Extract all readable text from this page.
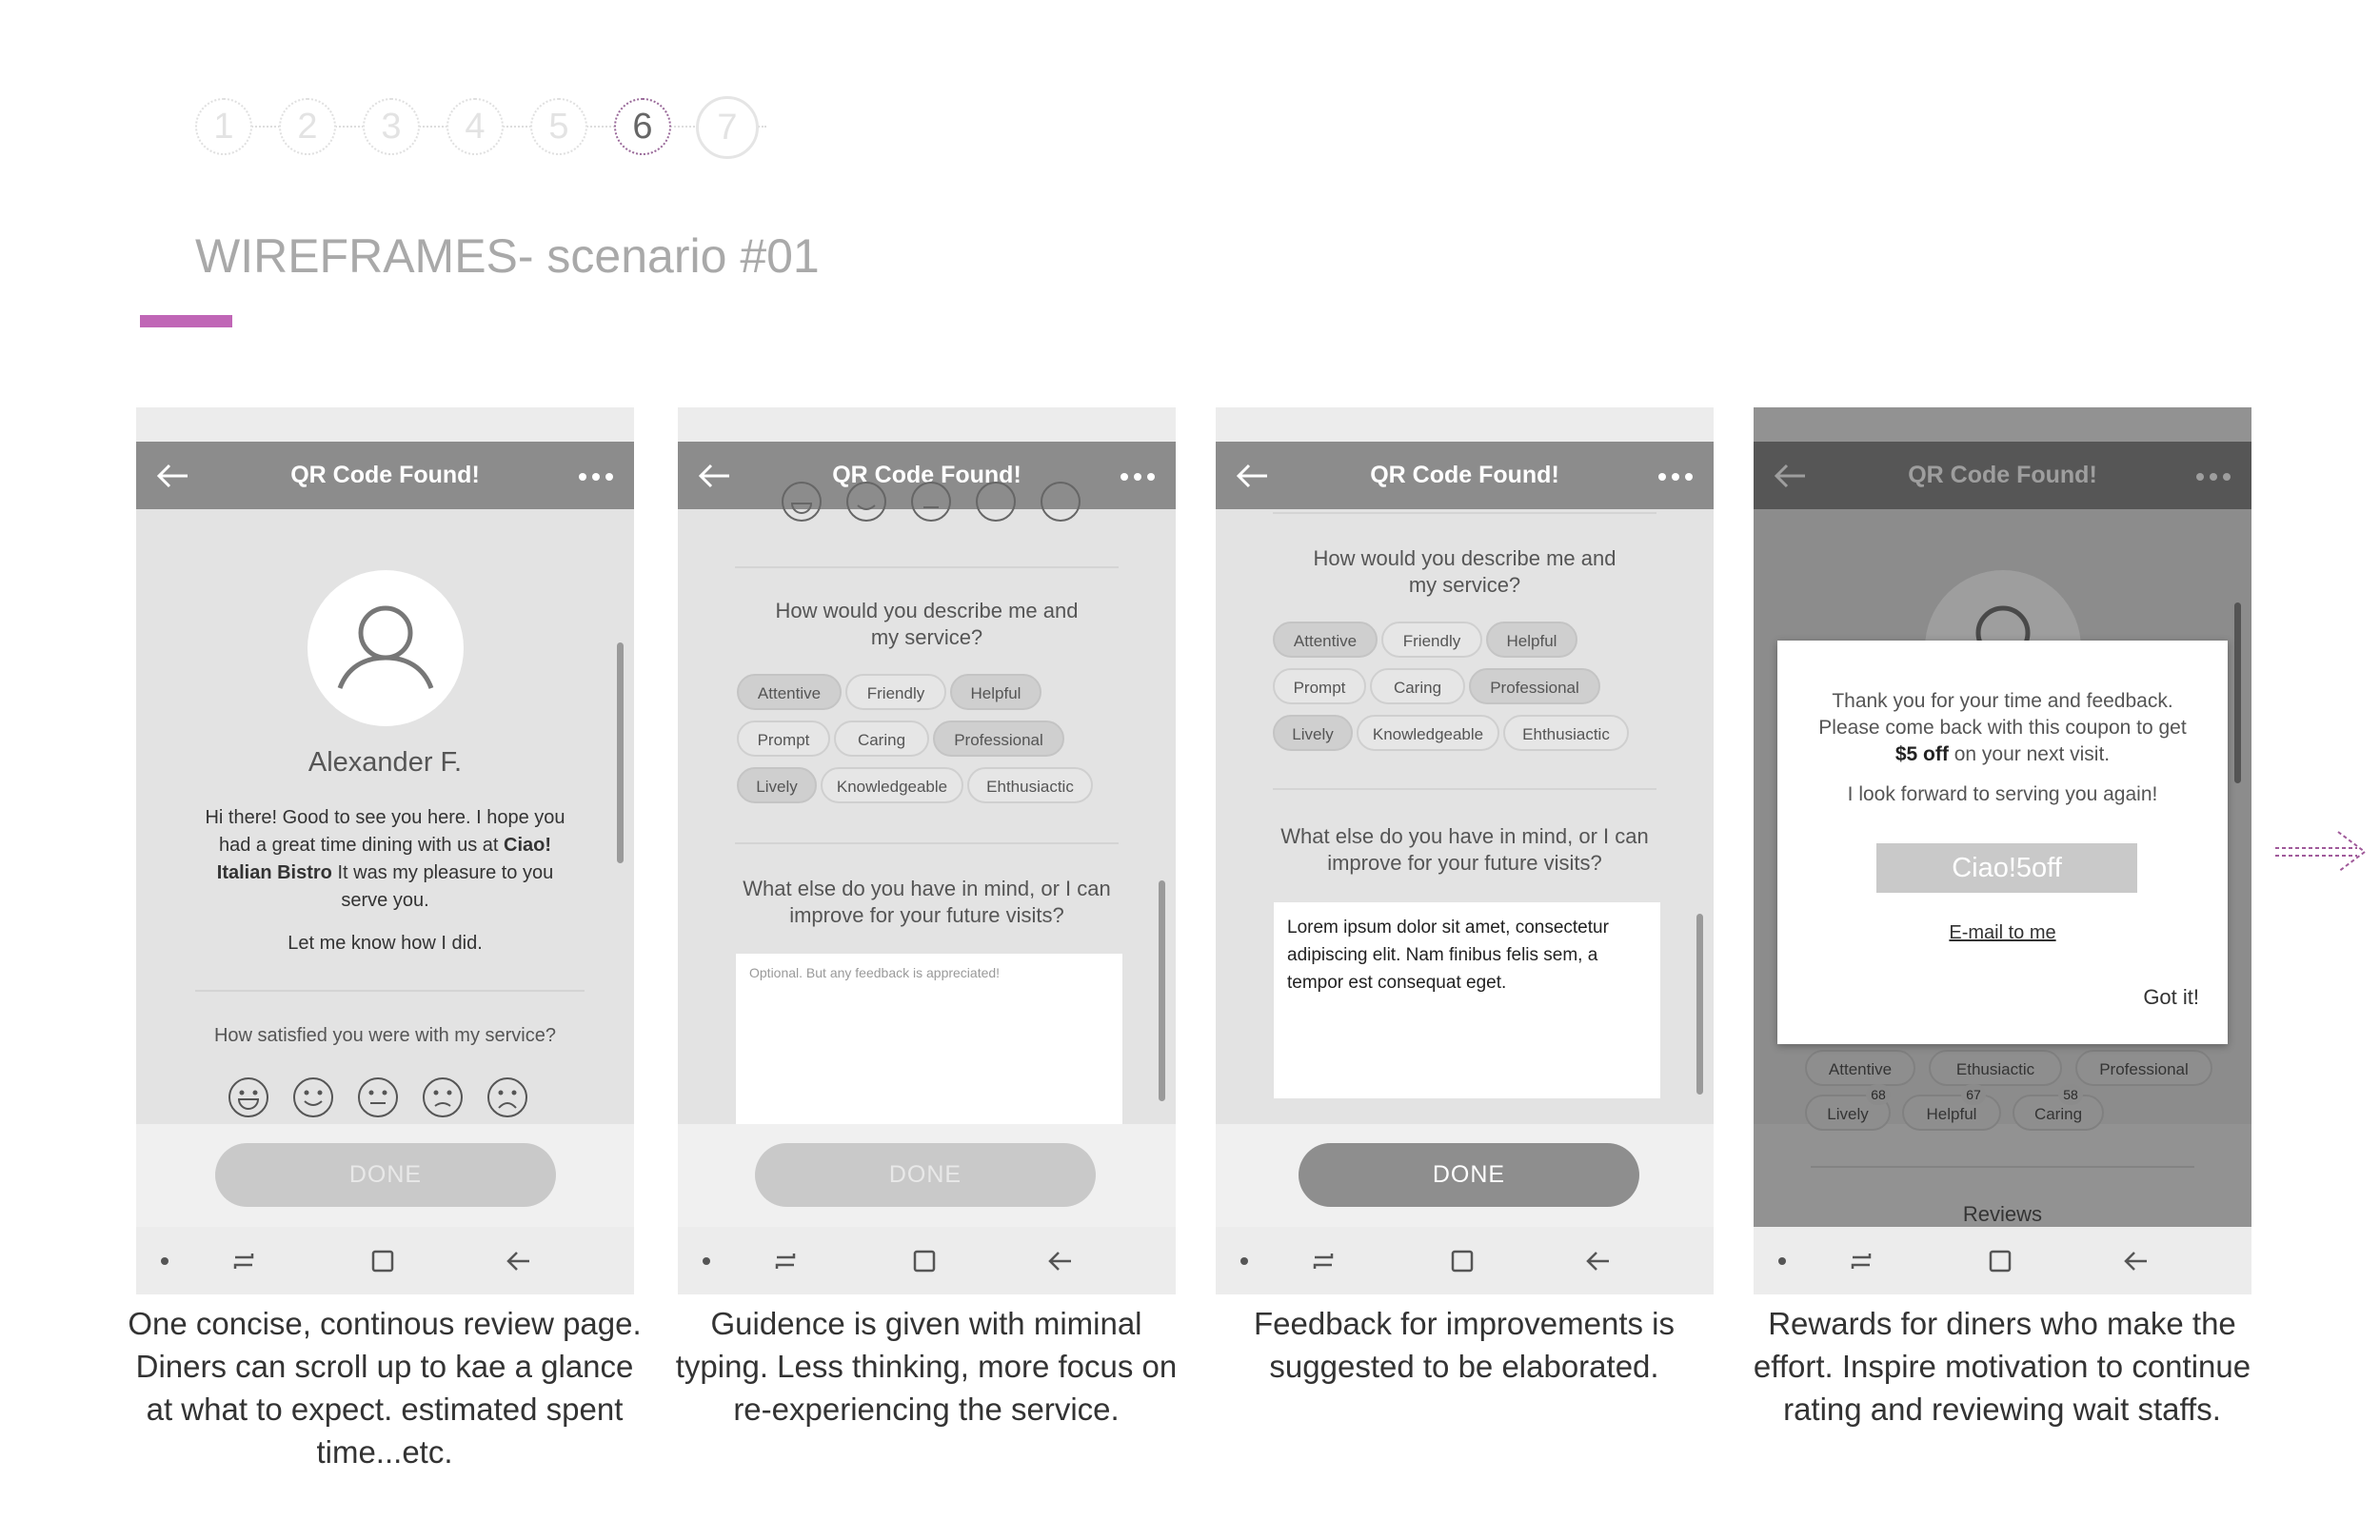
1	2	3	4	5	6	7
WIREFRAMES- scenario #01
QR Code Found!
Alexander F.
Hi there! Good to see you here. I hope you
had a great time dining with us at Ciao!
Italian Bistro It was my pleasure to you
serve you.
Let me know how I did.
How satisfied you were with my service?
DONE
QR Code Found!
How would you describe me and
my service?
Attentive	Friendly	Helpful
Prompt	Caring	Professional
Lively	Knowledgeable	Ehthusiactic
What else do you have in mind, or I can
improve for your future visits?
Optional. But any feedback is appreciated!
DONE
QR Code Found!
How would you describe me and
my service?
Attentive	Friendly	Helpful
Prompt	Caring	Professional
Lively	Knowledgeable	Ehthusiactic
What else do you have in mind, or I can
improve for your future visits?
Lorem ipsum dolor sit amet, consectetur
adipiscing elit. Nam finibus felis sem, a
tempor est consequat eget.
DONE
QR Code Found!
Attentive	Ethusiactic	Professional
Lively	Helpful	Caring
68	67	58
Reviews
Thank you for your time and feedback.
Please come back with this coupon to get
$5 off on your next visit.
I look forward to serving you again!
Ciao!5off
E-mail to me
Got it!
One concise, continous review page. Diners can scroll up to kae a glance at what to expect. estimated spent time...etc.
Guidence is given with miminal typing. Less thinking, more focus on re-experiencing the service.
Feedback for improvements is suggested to be elaborated.
Rewards for diners who make the effort. Inspire motivation to continue rating and reviewing wait staffs.
